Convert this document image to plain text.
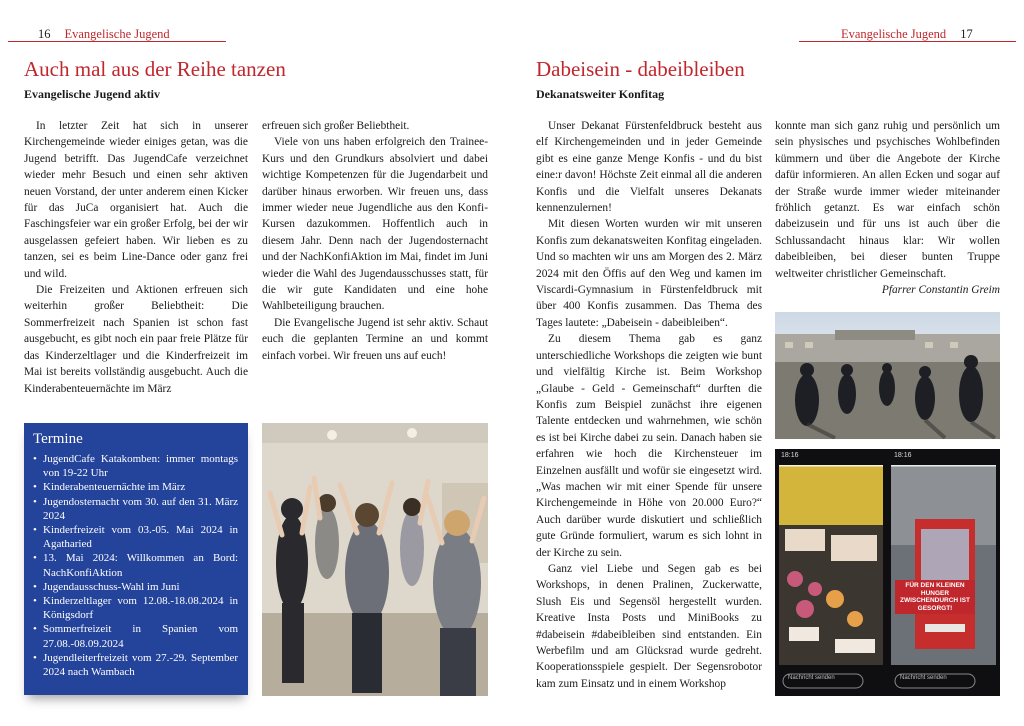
16 Evangelische Jugend
Auch mal aus der Reihe tanzen
Evangelische Jugend aktiv

In letzter Zeit hat sich in unserer Kirchengemeinde wieder einiges getan, was die Jugend betrifft. Das JugendCafe verzeichnet wieder mehr Besuch und einen sehr aktiven neuen Vorstand, der unter anderem einen Kicker für das JuCa organisiert hat. Auch die Faschingsfeier war ein großer Erfolg, bei der wir ausgelassen gefeiert haben. Wir lieben es zu tanzen, sei es beim Line-Dance oder ganz frei und wild.

Die Freizeiten und Aktionen erfreuen sich weiterhin großer Beliebtheit: Die Sommerfreizeit nach Spanien ist schon fast ausgebucht, es gibt noch ein paar freie Plätze für das Kinderzeltlager und die Kinderfreizeit im Mai ist bereits vollständig ausgebucht. Auch die Kinderabenteuernächte im März

erfreuen sich großer Beliebtheit.

Viele von uns haben erfolgreich den Trainee-Kurs und den Grundkurs absolviert und dabei wichtige Kompetenzen für die Jugendarbeit und darüber hinaus erworben. Wir freuen uns, dass immer wieder neue Jugendliche aus den Konfi-Kursen dazukommen. Hoffentlich auch in diesem Jahr. Denn nach der Jugendosternacht und der NachKonfiAktion im Mai, findet im Juni wieder die Wahl des Jugendausschusses statt, für die wir gute Kandidaten und eine hohe Wahlbeteiligung brauchen.

Die Evangelische Jugend ist sehr aktiv. Schaut euch die geplanten Termine an und kommt einfach vorbei. Wir freuen uns auf euch!

Termine
• JugendCafe Katakomben: immer montags von 19-22 Uhr
• Kinderabenteuernächte im März
• Jugendosternacht vom 30. auf den 31. März 2024
• Kinderfreizeit vom 03.-05. Mai 2024 in Agatharied
• 13. Mai 2024: Willkommen an Bord: NachKonfiAktion
• Jugendausschuss-Wahl im Juni
• Kinderzeltlager vom 12.08.-18.08.2024 in Königsdorf
• Sommerfreizeit in Spanien vom 27.08.-08.09.2024
• Jugendleiterfreizeit vom 27.-29. September 2024 nach Wambach
Evangelische Jugend 17
Dabeisein - dabeibleiben
Dekanatsweiter Konfitag

Unser Dekanat Fürstenfeldbruck besteht aus elf Kirchengemeinden und in jeder Gemeinde gibt es eine ganze Menge Konfis - und du bist eine:r davon! Höchste Zeit einmal all die anderen Konfis und die Vielfalt unseres Dekanats kennenzulernen!

Mit diesen Worten wurden wir mit unseren Konfis zum dekanatsweiten Konfitag eingeladen. Und so machten wir uns am Morgen des 2. März 2024 mit den Öffis auf den Weg und kamen im Viscardi-Gymnasium in Fürstenfeldbruck mit über 400 Konfis zusammen. Das Thema des Tages lautete: „Dabeisein - dabeibleiben“.

Zu diesem Thema gab es ganz unterschiedliche Workshops die zeigten wie bunt und vielfältig Kirche ist. Beim Workshop „Glaube - Geld - Gemeinschaft“ durften die Konfis zum Beispiel zunächst ihre eigenen Talente entdecken und wahrnehmen, wie schön es ist bei Kirche dabei zu sein. Danach haben sie erfahren wie hoch die Kirchensteuer im Einzelnen ausfällt und wofür sie eingesetzt wird. „Was machen wir mit einer Spende für unsere Kirchengemeinde in Höhe von 20.000 Euro?“ Auch darüber wurde diskutiert und schließlich gute Gründe formuliert, warum es sich lohnt in der Kirche zu sein.

Ganz viel Liebe und Segen gab es bei Workshops, in denen Pralinen, Zuckerwatte, Slush Eis und Segensöl hergestellt wurden. Kreative Insta Posts und MiniBooks zu #dabeisein #dabeibleiben sind entstanden. Ein Werbefilm und am Glücksrad wurde gedreht. Kooperationsspiele gespielt. Der Segensrobotor kam zum Einsatz und in einem Workshop

konnte man sich ganz ruhig und persönlich um sein physisches und psychisches Wohlbefinden kümmern und über die Angebote der Kirche dafür informieren. An allen Ecken und sogar auf der Straße wurde immer wieder miteinander fröhlich getanzt. Es war einfach schön dabeizusein und für uns ist auch über die Schlussandacht hinaus klar: Wir wollen dabeibleiben, bei dieser bunten Truppe weltweiter christlicher Gemeinschaft.

Pfarrer Constantin Greim

18:16	18:16
FÜR DEN KLEINEN HUNGER ZWISCHENDURCH IST GESORGT!
Nachricht senden	Nachricht senden
